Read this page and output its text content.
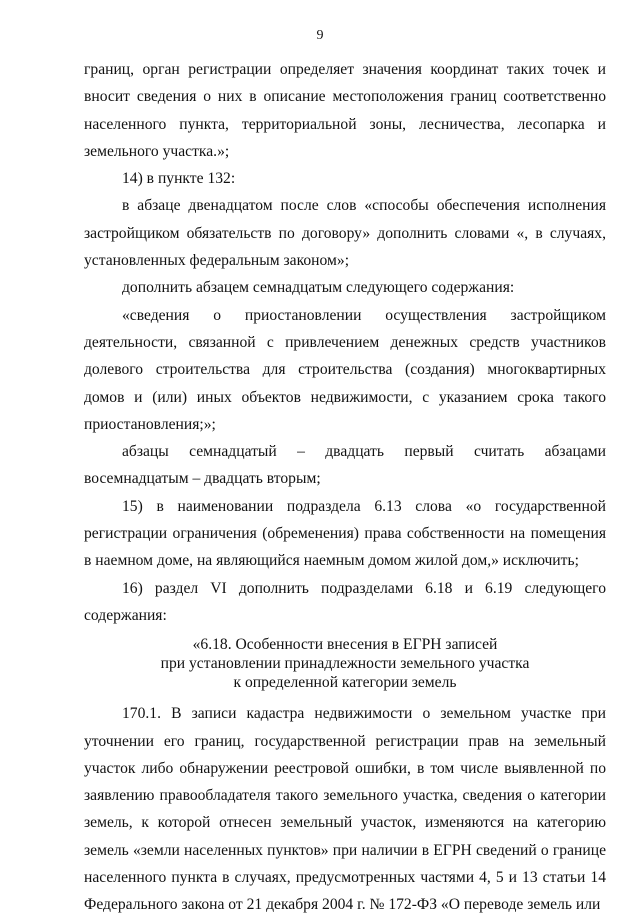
9

границ, орган регистрации определяет значения координат таких точек и вносит сведения о них в описание местоположения границ соответственно населенного пункта, территориальной зоны, лесничества, лесопарка и земельного участка.»;

14) в пункте 132:

в абзаце двенадцатом после слов «способы обеспечения исполнения застройщиком обязательств по договору» дополнить словами «, в случаях, установленных федеральным законом»;

дополнить абзацем семнадцатым следующего содержания:

«сведения о приостановлении осуществления застройщиком деятельности, связанной с привлечением денежных средств участников долевого строительства для строительства (создания) многоквартирных домов и (или) иных объектов недвижимости, с указанием срока такого приостановления;»;

абзацы семнадцатый – двадцать первый считать абзацами восемнадцатым – двадцать вторым;

15) в наименовании подраздела 6.13 слова «о государственной регистрации ограничения (обременения) права собственности на помещения в наемном доме, на являющийся наемным домом жилой дом,» исключить;

16) раздел VI дополнить подразделами 6.18 и 6.19 следующего содержания:

«6.18. Особенности внесения в ЕГРН записей
при установлении принадлежности земельного участка
к определенной категории земель

170.1. В записи кадастра недвижимости о земельном участке при уточнении его границ, государственной регистрации прав на земельный участок либо обнаружении реестровой ошибки, в том числе выявленной по заявлению правообладателя такого земельного участка, сведения о категории земель, к которой отнесен земельный участок, изменяются на категорию земель «земли населенных пунктов» при наличии в ЕГРН сведений о границе населенного пункта в случаях, предусмотренных частями 4, 5 и 13 статьи 14 Федерального закона от 21 декабря 2004 г. № 172-ФЗ «О переводе земель или
